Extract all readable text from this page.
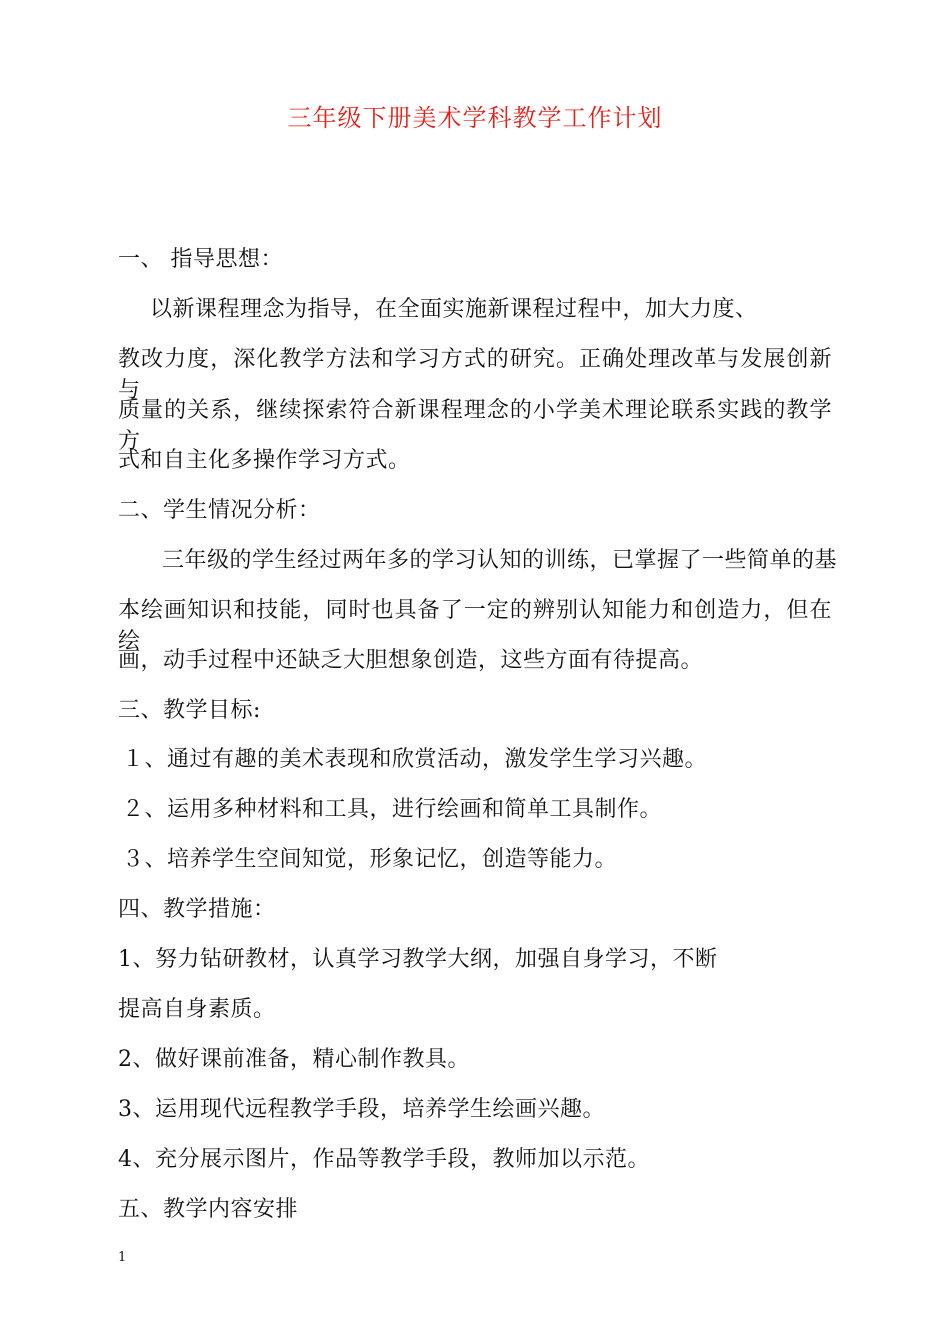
三年级下册美术学科教学工作计划
一、 指导思想：
以新课程理念为指导，在全面实施新课程过程中，加大力度、
教改力度，深化教学方法和学习方式的研究。正确处理改革与发展创新与
质量的关系，继续探索符合新课程理念的小学美术理论联系实践的教学方
式和自主化多操作学习方式。
二、学生情况分析：
三年级的学生经过两年多的学习认知的训练，已掌握了一些简单的基
本绘画知识和技能，同时也具备了一定的辨别认知能力和创造力，但在绘
画，动手过程中还缺乏大胆想象创造，这些方面有待提高。
三、教学目标:
１、通过有趣的美术表现和欣赏活动，激发学生学习兴趣。
２、运用多种材料和工具，进行绘画和简单工具制作。
３、培养学生空间知觉，形象记忆，创造等能力。
四、教学措施：
1、努力钻研教材，认真学习教学大纲，加强自身学习，不断
提高自身素质。
2、做好课前准备，精心制作教具。
3、运用现代远程教学手段，培养学生绘画兴趣。
4、充分展示图片，作品等教学手段，教师加以示范。
五、教学内容安排
1
